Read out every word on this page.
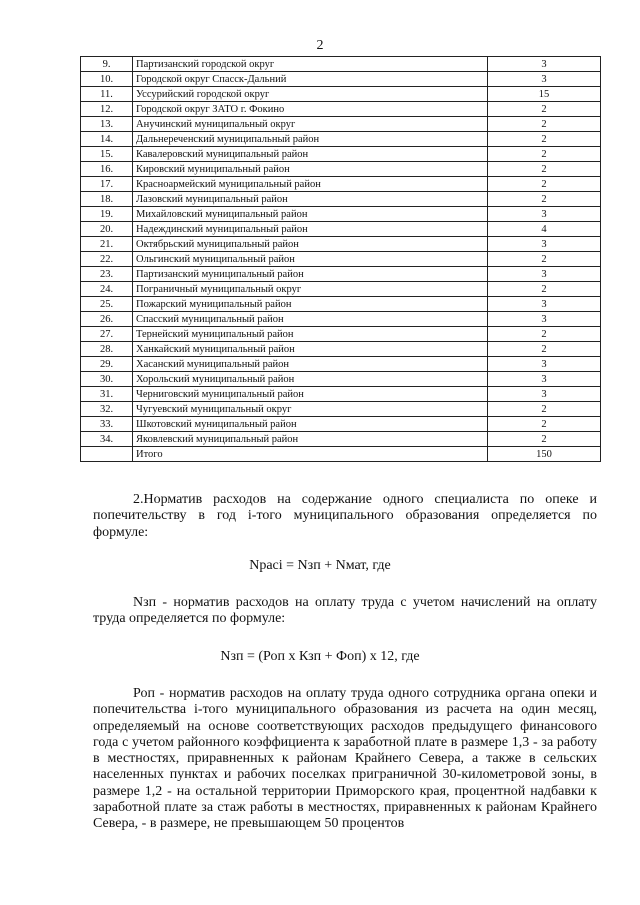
2
9.	Партизанский городской округ	3
10.	Городской округ Спасск-Дальний	3
11.	Уссурийский городской округ	15
12.	Городской округ ЗАТО г. Фокино	2
13.	Анучинский муниципальный округ	2
14.	Дальнереченский муниципальный район	2
15.	Кавалеровский муниципальный район	2
16.	Кировский муниципальный район	2
17.	Красноармейский муниципальный район	2
18.	Лазовский муниципальный район	2
19.	Михайловский муниципальный район	3
20.	Надеждинский муниципальный район	4
21.	Октябрьский муниципальный район	3
22.	Ольгинский муниципальный район	2
23.	Партизанский муниципальный район	3
24.	Пограничный муниципальный округ	2
25.	Пожарский муниципальный район	3
26.	Спасский муниципальный район	3
27.	Тернейский муниципальный район	2
28.	Ханкайский муниципальный район	2
29.	Хасанский муниципальный район	3
30.	Хорольский муниципальный район	3
31.	Черниговский муниципальный район	3
32.	Чугуевский муниципальный округ	2
33.	Шкотовский муниципальный район	2
34.	Яковлевский муниципальный район	2
	Итого	150
2.Норматив расходов на содержание одного специалиста по опеке и попечительству в год i-того муниципального образования определяется по формуле:
Nрасi = Nзп + Nмат, где
Nзп - норматив расходов на оплату труда с учетом начислений на оплату труда определяется по формуле:
Nзп = (Роп х Кзп + Фоп) х 12, где
Роп - норматив расходов на оплату труда одного сотрудника органа опеки и попечительства i-того муниципального образования из расчета на один месяц, определяемый на основе соответствующих расходов предыдущего финансового года с учетом районного коэффициента к заработной плате в размере 1,3 - за работу в местностях, приравненных к районам Крайнего Севера, а также в сельских населенных пунктах и рабочих поселках приграничной 30-километровой зоны, в размере 1,2 - на остальной территории Приморского края, процентной надбавки к заработной плате за стаж работы в местностях, приравненных к районам Крайнего Севера, - в размере, не превышающем 50 процентов
